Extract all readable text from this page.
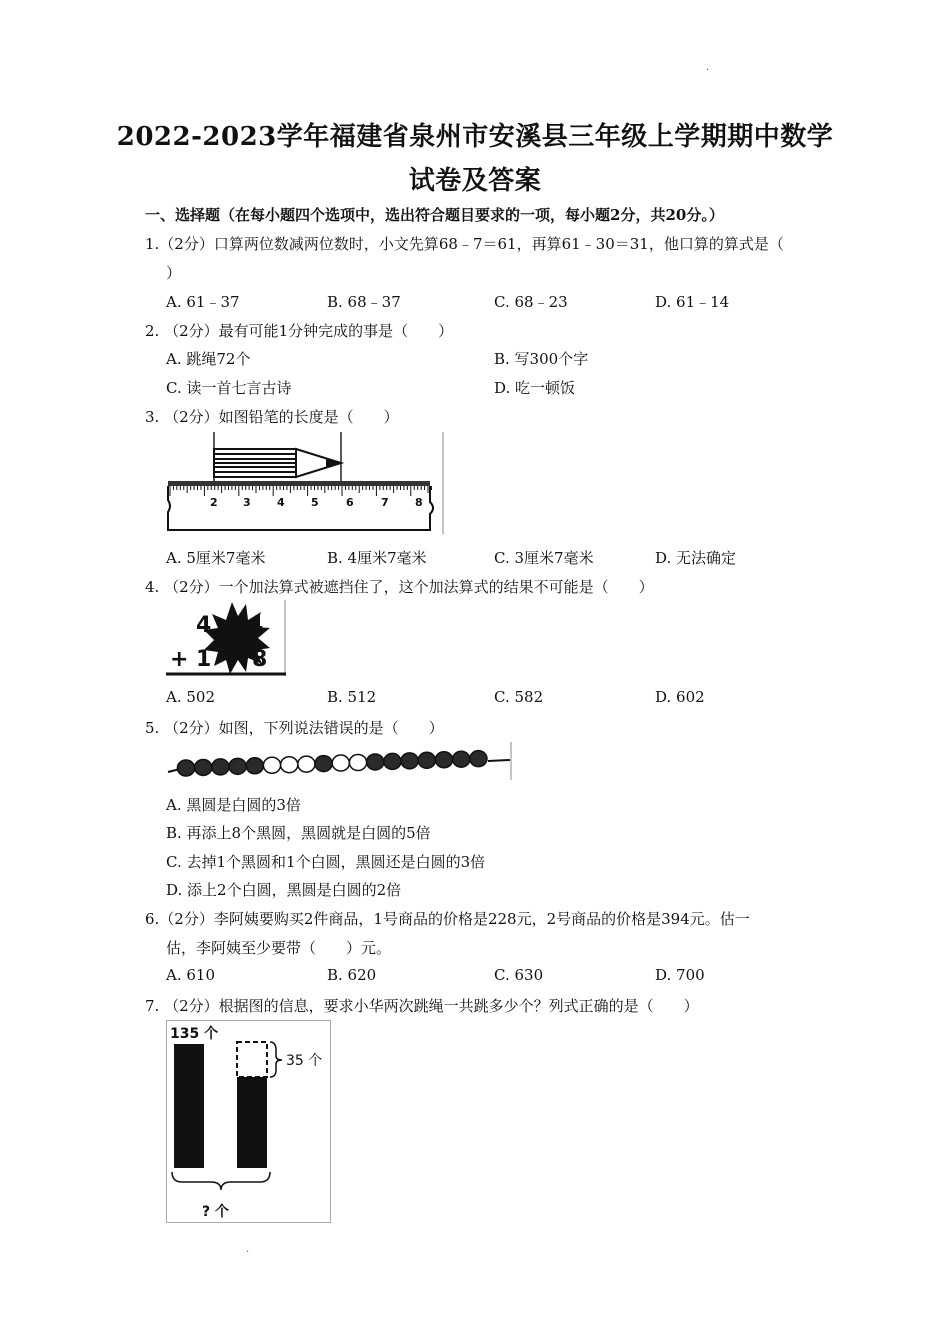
.
2022-2023学年福建省泉州市安溪县三年级上学期期中数学
试卷及答案
一、选择题（在每小题四个选项中，选出符合题目要求的一项，每小题2分，共20分。）
1.（2分）口算两位数减两位数时，小文先算68﹣7＝61，再算61﹣30＝31，他口算的算式是（
）
A. 61﹣37	B. 68﹣37	C. 68﹣23	D. 61﹣14
2. （2分）最有可能1分钟完成的事是（　　）
A. 跳绳72个	B. 写300个字
C. 读一首七言古诗	D. 吃一顿饭
3. （2分）如图铅笔的长度是（　　）
2 3 4 5 6 7 8
A. 5厘米7毫米	B. 4厘米7毫米	C. 3厘米7毫米	D. 无法确定
4. （2分）一个加法算式被遮挡住了，这个加法算式的结果不可能是（　　）
4 4
+ 1 8
A. 502	B. 512	C. 582	D. 602
5. （2分）如图，下列说法错误的是（　　）
A. 黑圆是白圆的3倍
B. 再添上8个黑圆，黑圆就是白圆的5倍
C. 去掉1个黑圆和1个白圆，黑圆还是白圆的3倍
D. 添上2个白圆，黑圆是白圆的2倍
6.（2分）李阿姨要购买2件商品，1号商品的价格是228元，2号商品的价格是394元。估一
估，李阿姨至少要带（　　）元。
A. 610	B. 620	C. 630	D. 700
7. （2分）根据图的信息，要求小华两次跳绳一共跳多少个？列式正确的是（　　）
135 个
35 个
? 个
.
